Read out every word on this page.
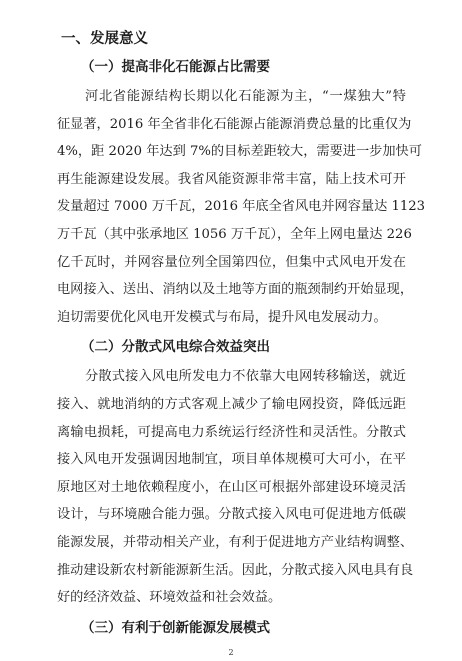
一、发展意义
（一）提高非化石能源占比需要
河北省能源结构长期以化石能源为主，“一煤独大”特
征显著，2016 年全省非化石能源占能源消费总量的比重仅为
4%，距 2020 年达到 7%的目标差距较大，需要进一步加快可
再生能源建设发展。我省风能资源非常丰富，陆上技术可开
发量超过 7000 万千瓦，2016 年底全省风电并网容量达 1123
万千瓦（其中张承地区 1056 万千瓦），全年上网电量达 226
亿千瓦时，并网容量位列全国第四位，但集中式风电开发在
电网接入、送出、消纳以及土地等方面的瓶颈制约开始显现，
迫切需要优化风电开发模式与布局，提升风电发展动力。
（二）分散式风电综合效益突出
分散式接入风电所发电力不依靠大电网转移输送，就近
接入、就地消纳的方式客观上减少了输电网投资，降低远距
离输电损耗，可提高电力系统运行经济性和灵活性。分散式
接入风电开发强调因地制宜，项目单体规模可大可小，在平
原地区对土地依赖程度小，在山区可根据外部建设环境灵活
设计，与环境融合能力强。分散式接入风电可促进地方低碳
能源发展，并带动相关产业，有利于促进地方产业结构调整、
推动建设新农村新能源新生活。因此，分散式接入风电具有良
好的经济效益、环境效益和社会效益。
（三）有利于创新能源发展模式
2
